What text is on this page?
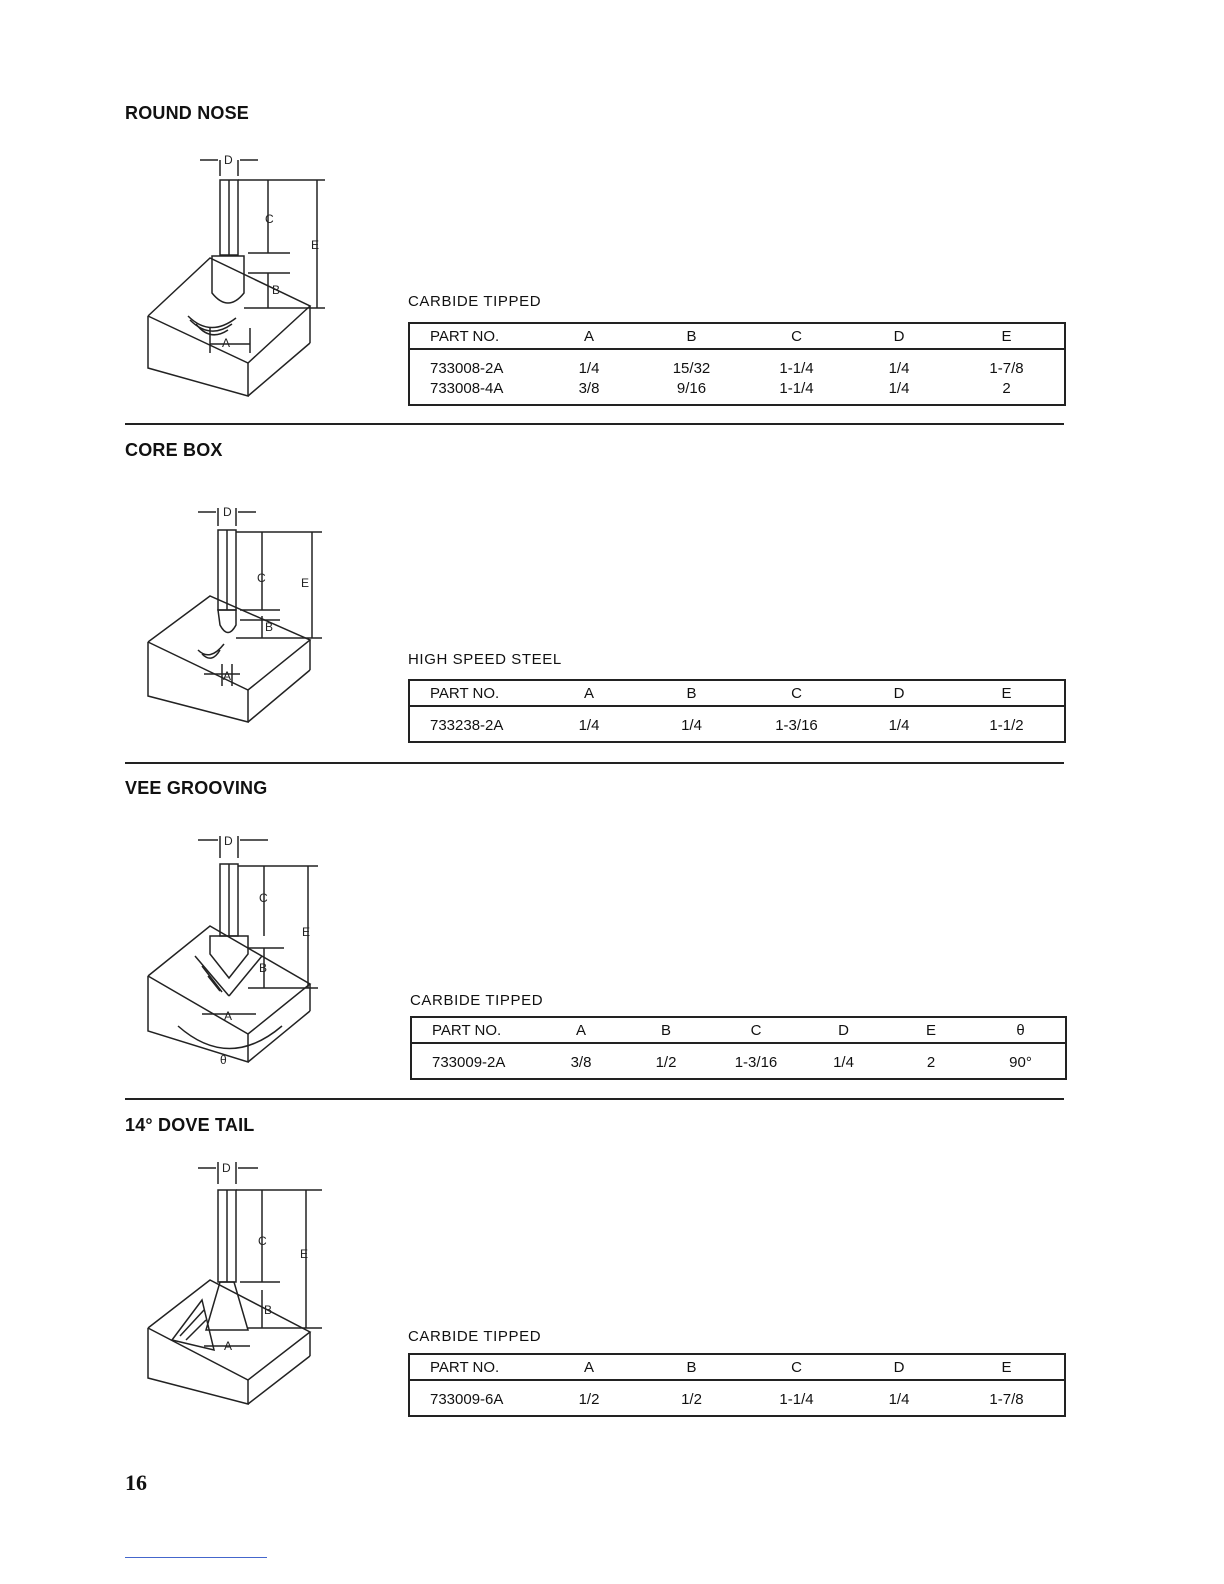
ROUND NOSE
D
C
E
B
A
CARBIDE TIPPED
PART NO.	A	B	C	D	E
733008-2A	1/4	15/32	1-1/4	1/4	1-7/8
733008-4A	3/8	9/16	1-1/4	1/4	2
CORE BOX
D
C	E
B
A
HIGH SPEED STEEL
PART NO.	A	B	C	D	E
733238-2A	1/4	1/4	1-3/16	1/4	1-1/2
VEE GROOVING
D
C
E
B
A
θ
CARBIDE TIPPED
PART NO.	A	B	C	D	E	θ
733009-2A	3/8	1/2	1-3/16	1/4	2	90°
14° DOVE TAIL
D
C
E
B
A
CARBIDE TIPPED
PART NO.	A	B	C	D	E
733009-6A	1/2	1/2	1-1/4	1/4	1-7/8
16
